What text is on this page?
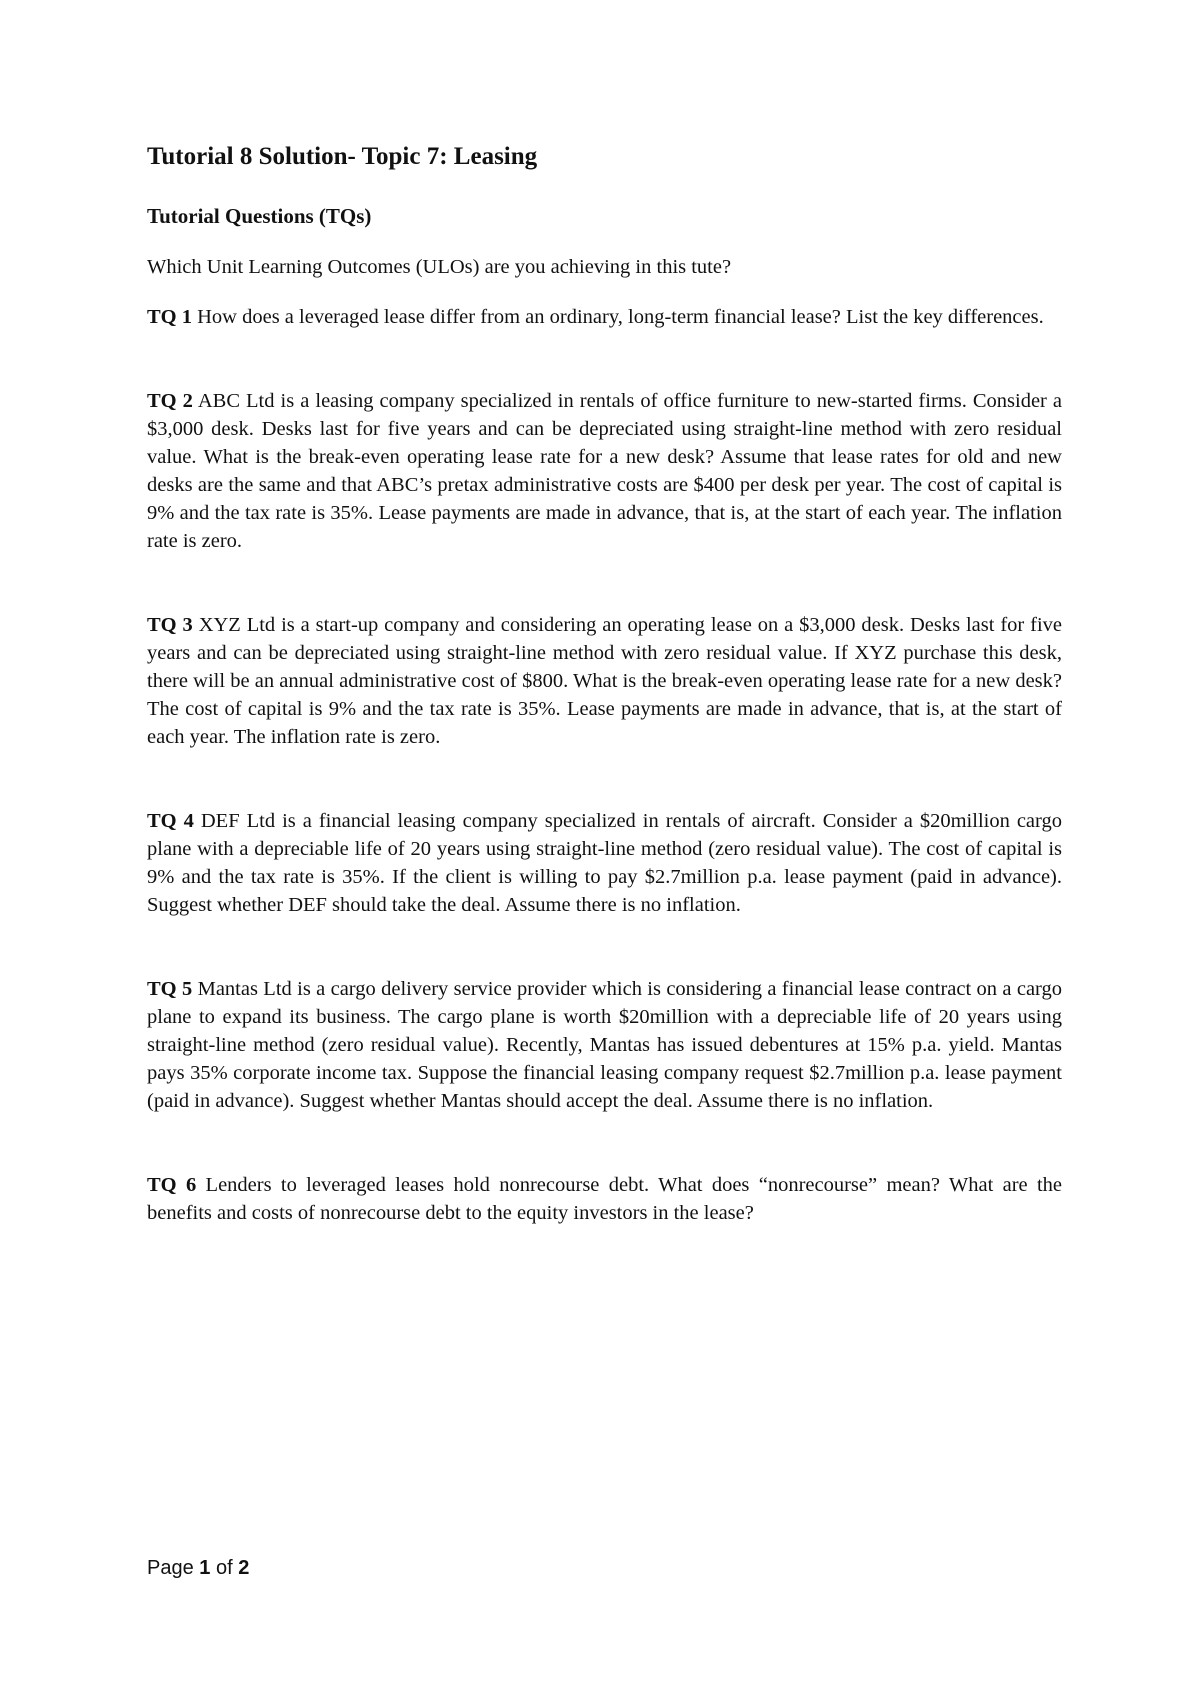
Tutorial 8 Solution- Topic 7: Leasing
Tutorial Questions (TQs)

Which Unit Learning Outcomes (ULOs) are you achieving in this tute?

TQ 1 How does a leveraged lease differ from an ordinary, long-term financial lease? List the key differences.

TQ 2 ABC Ltd is a leasing company specialized in rentals of office furniture to new-started firms. Consider a $3,000 desk. Desks last for five years and can be depreciated using straight-line method with zero residual value. What is the break-even operating lease rate for a new desk? Assume that lease rates for old and new desks are the same and that ABC’s pretax administrative costs are $400 per desk per year. The cost of capital is 9% and the tax rate is 35%. Lease payments are made in advance, that is, at the start of each year. The inflation rate is zero.

TQ 3 XYZ Ltd is a start-up company and considering an operating lease on a $3,000 desk. Desks last for five years and can be depreciated using straight-line method with zero residual value. If XYZ purchase this desk, there will be an annual administrative cost of $800. What is the break-even operating lease rate for a new desk? The cost of capital is 9% and the tax rate is 35%. Lease payments are made in advance, that is, at the start of each year. The inflation rate is zero.

TQ 4 DEF Ltd is a financial leasing company specialized in rentals of aircraft. Consider a $20million cargo plane with a depreciable life of 20 years using straight-line method (zero residual value). The cost of capital is 9% and the tax rate is 35%. If the client is willing to pay $2.7million p.a. lease payment (paid in advance). Suggest whether DEF should take the deal. Assume there is no inflation.

TQ 5 Mantas Ltd is a cargo delivery service provider which is considering a financial lease contract on a cargo plane to expand its business. The cargo plane is worth $20million with a depreciable life of 20 years using straight-line method (zero residual value). Recently, Mantas has issued debentures at 15% p.a. yield. Mantas pays 35% corporate income tax. Suppose the financial leasing company request $2.7million p.a. lease payment (paid in advance). Suggest whether Mantas should accept the deal. Assume there is no inflation.

TQ 6 Lenders to leveraged leases hold nonrecourse debt. What does “nonrecourse” mean? What are the benefits and costs of nonrecourse debt to the equity investors in the lease?

Page 1 of 2
